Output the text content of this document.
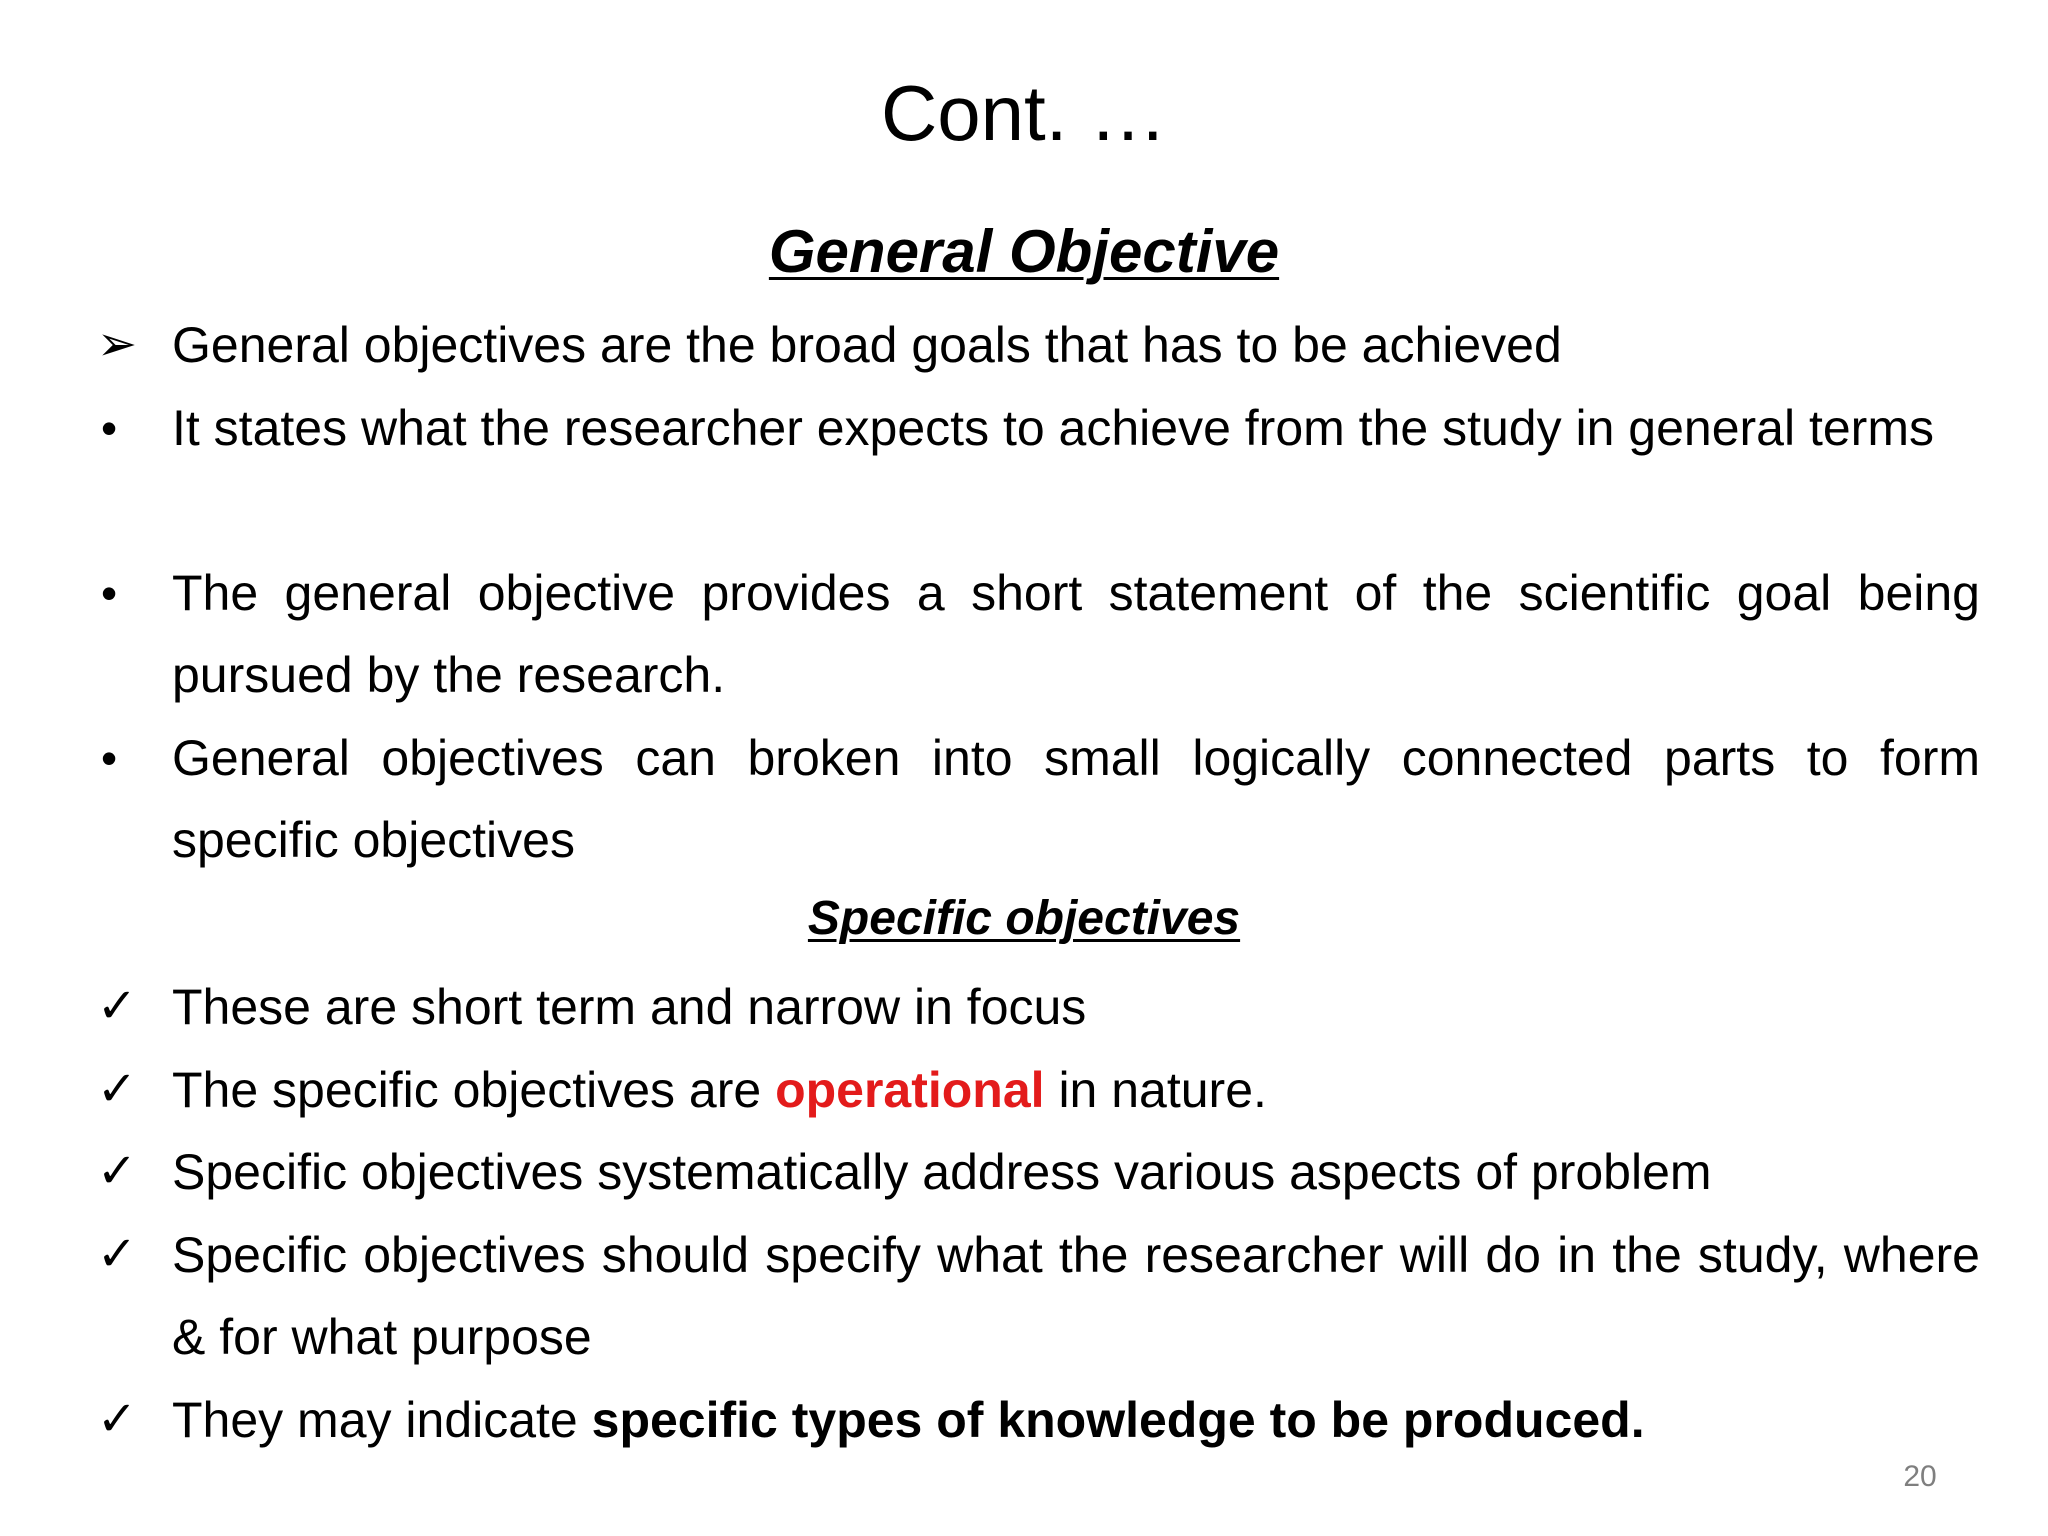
Cont. …
General Objective
➢ General objectives are the broad goals that has to be achieved
•	It states what the researcher expects to achieve from the study in general terms
•	The general objective provides a short statement of the scientific goal being pursued by the research.
•	General objectives can broken into small logically connected parts to form specific objectives
Specific objectives
✓ These are short term and narrow in focus
✓ The specific objectives are operational in nature.
✓ Specific objectives systematically address various aspects of problem
✓ Specific objectives should specify what the researcher will do in the study, where & for what purpose
✓ They may indicate specific types of knowledge to be produced.
20
